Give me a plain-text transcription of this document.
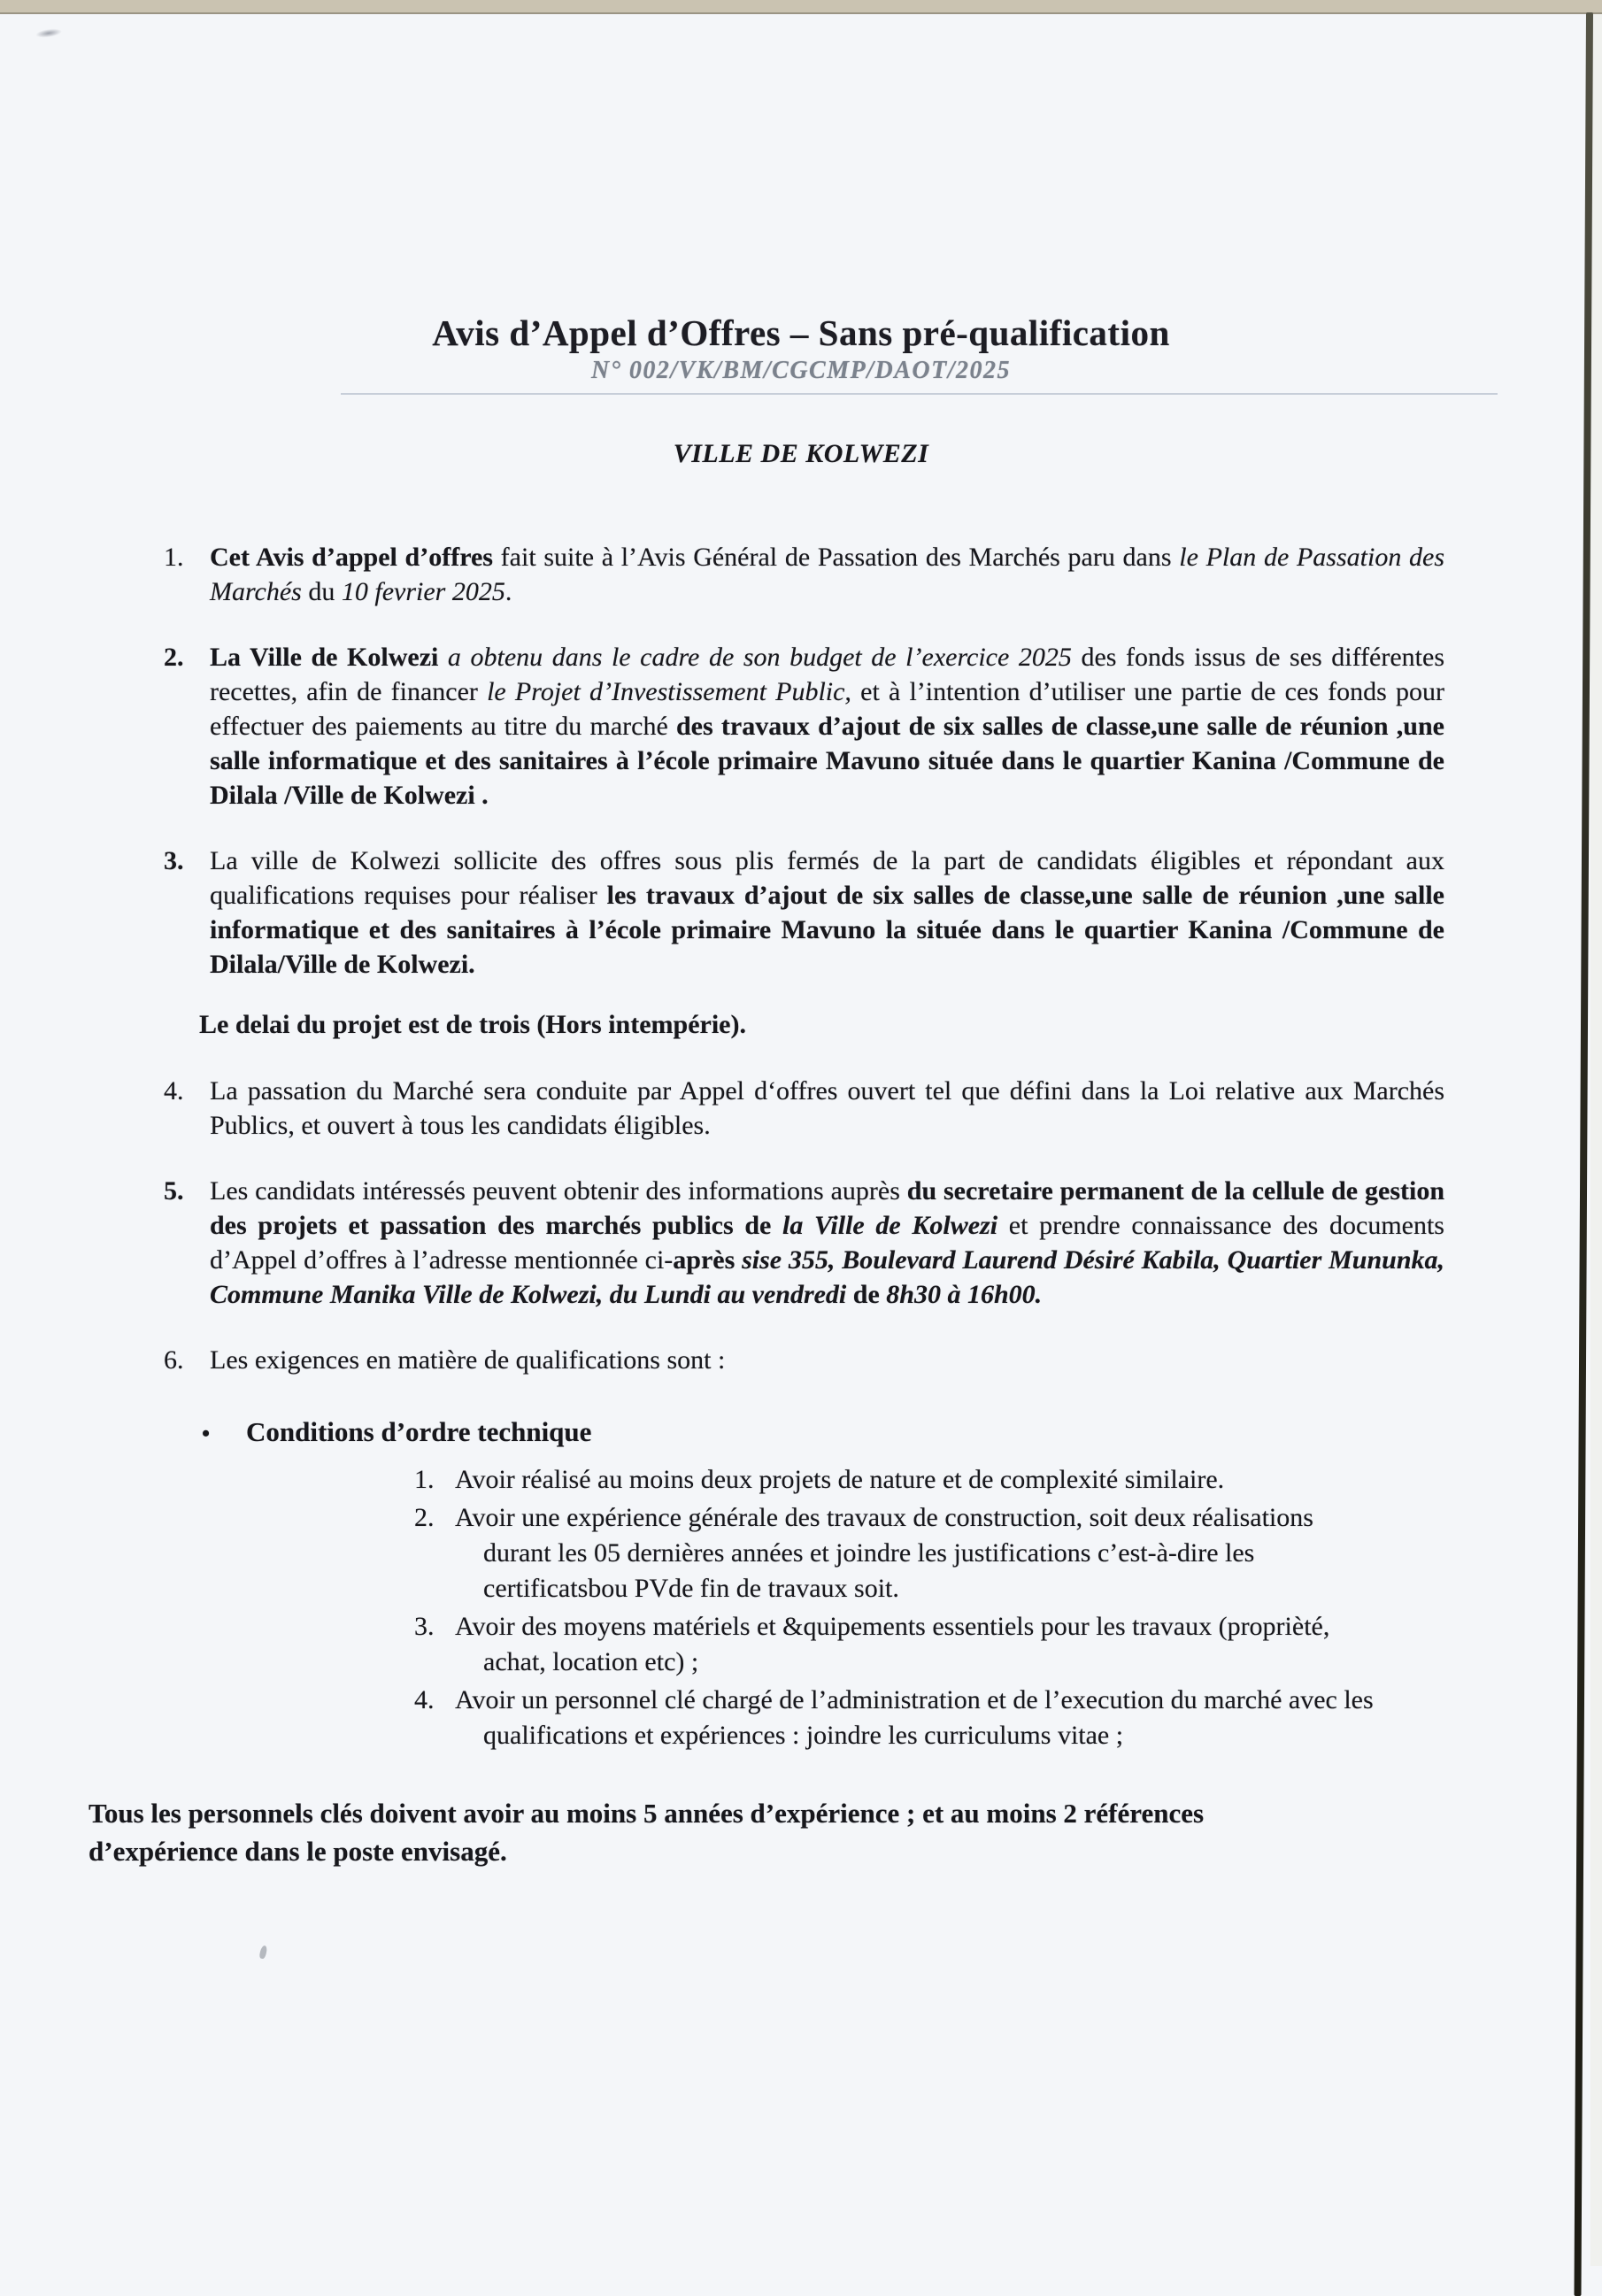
Avis d’Appel d’Offres – Sans pré-qualification
N° 002/VK/BM/CGCMP/DAOT/2025
VILLE DE KOLWEZI
1. Cet Avis d’appel d’offres fait suite à l’Avis Général de Passation des Marchés paru dans le Plan de Passation des Marchés du 10 fevrier 2025.

2. La Ville de Kolwezi a obtenu dans le cadre de son budget de l’exercice 2025 des fonds issus de ses différentes recettes, afin de financer le Projet d’Investissement Public, et à l’intention d’utiliser une partie de ces fonds pour effectuer des paiements au titre du marché des travaux d’ajout de six salles de classe,une salle de réunion ,une salle informatique et des sanitaires à l’école primaire Mavuno située dans le quartier Kanina /Commune de Dilala /Ville de Kolwezi .

3. La ville de Kolwezi sollicite des offres sous plis fermés de la part de candidats éligibles et répondant aux qualifications requises pour réaliser les travaux d’ajout de six salles de classe,une salle de réunion ,une salle informatique et des sanitaires à l’école primaire Mavuno la située dans le quartier Kanina /Commune de Dilala/Ville de Kolwezi.

Le delai du projet est de trois (Hors intempérie).
4. La passation du Marché sera conduite par Appel d‘offres ouvert tel que défini dans la Loi relative aux Marchés Publics, et ouvert à tous les candidats éligibles.

5. Les candidats intéressés peuvent obtenir des informations auprès du secretaire permanent de la cellule de gestion des projets et passation des marchés publics de la Ville de Kolwezi et prendre connaissance des documents d’Appel d’offres à l’adresse mentionnée ci-après sise 355, Boulevard Laurend Désiré Kabila, Quartier Mununka, Commune Manika Ville de Kolwezi, du Lundi au vendredi de 8h30 à 16h00.

6. Les exigences en matière de qualifications sont :

•	Conditions d’ordre technique
1. Avoir réalisé au moins deux projets de nature et de complexité similaire.

2. Avoir une expérience générale des travaux de construction, soit deux réalisations durant les 05 dernières années et joindre les justifications c’est-à-dire les certificatsbou PVde fin de travaux soit.

3. Avoir des moyens matériels et &quipements essentiels pour les travaux (proprièté, achat, location etc) ;

4. Avoir un personnel clé chargé de l’administration et de l’execution du marché avec les qualifications et expériences : joindre les curriculums vitae ;

Tous les personnels clés doivent avoir au moins 5 années d’expérience ; et au moins 2 références d’expérience dans le poste envisagé.
